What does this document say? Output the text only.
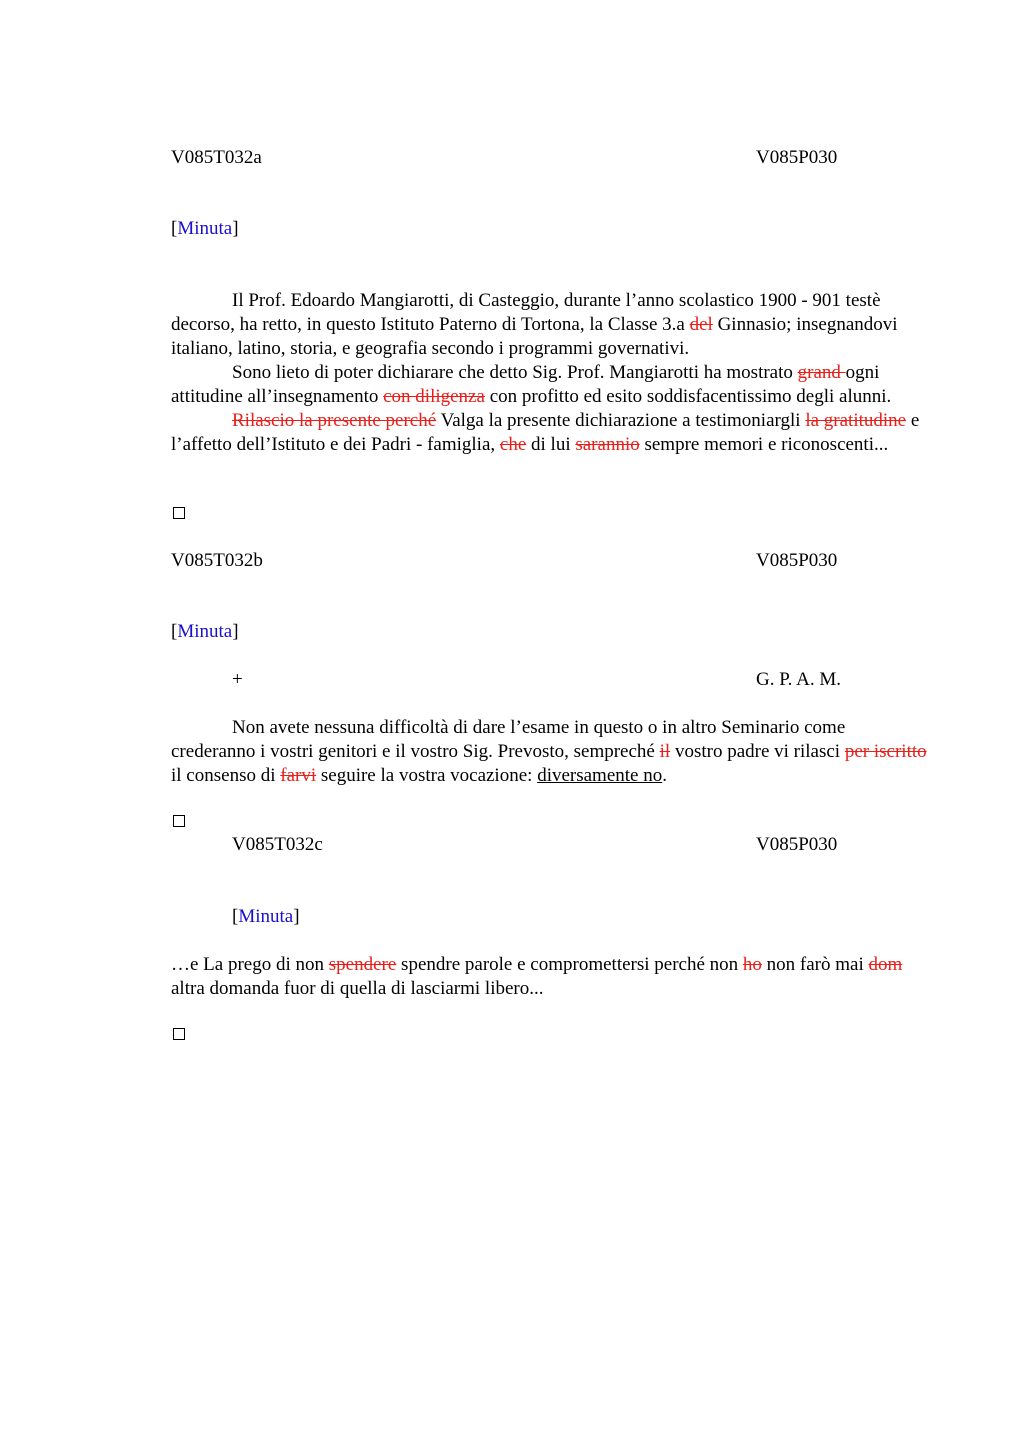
V085T032a	V085P030
[Minuta]

Il Prof. Edoardo Mangiarotti, di Casteggio, durante l’anno scolastico 1900 - 901 testè decorso, ha retto, in questo Istituto Paterno di Tortona, la Classe 3.a del Ginnasio; insegnandovi italiano, latino, storia, e geografia secondo i programmi governativi.

Sono lieto di poter dichiarare che detto Sig. Prof. Mangiarotti ha mostrato grand ogni attitudine all’insegnamento con diligenza con profitto ed esito soddisfacentissimo degli alunni.

Rilascio la presente perché Valga la presente dichiarazione a testimoniargli la gratitudine e l’affetto dell’Istituto e dei Padri - famiglia, che di lui sarannio sempre memori e riconoscenti...

V085T032b	V085P030
[Minuta]
+	G. P. A. M.

Non avete nessuna difficoltà di dare l’esame in questo o in altro Seminario come crederanno i vostri genitori e il vostro Sig. Prevosto, sempreché il vostro padre vi rilasci per iscritto il consenso di farvi seguire la vostra vocazione: diversamente no.

V085T032c	V085P030
[Minuta]

…e La prego di non spendere spendre parole e compromettersi perché non ho non farò mai dom altra domanda fuor di quella di lasciarmi libero...
